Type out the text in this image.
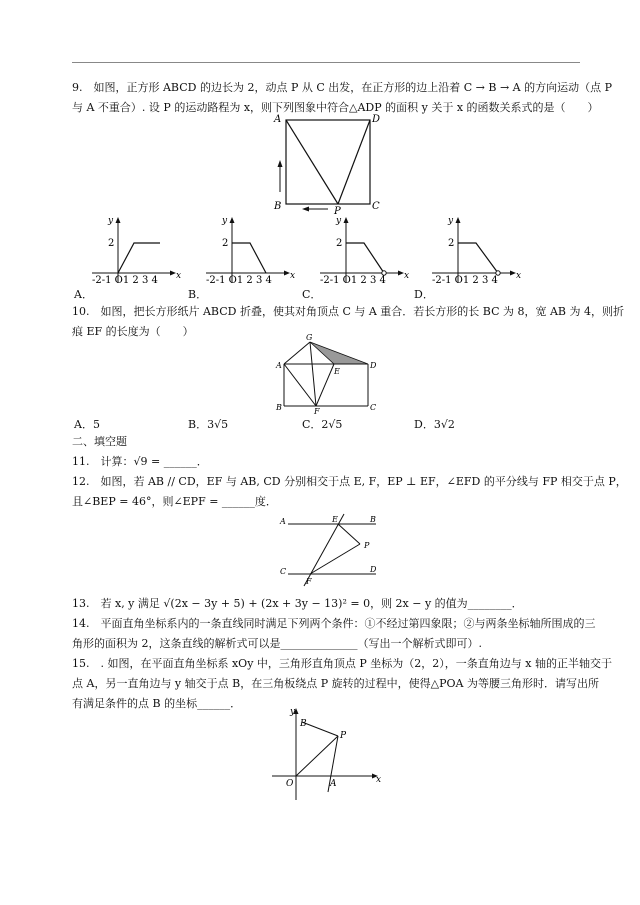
9.　如图，正方形 ABCD 的边长为 2，动点 P 从 C 出发，在正方形的边上沿着 C → B → A 的方向运动（点 P
与 A 不重合）. 设 P 的运动路程为 x，则下列图象中符合△ADP 的面积 y 关于 x 的函数关系式的是（　　）
A	D
B	C
P
y
x
2
-2-1 O1 2 3 4
y
x
2
-2-1 O1 2 3 4
y
x
2
-2-1 O1 2 3 4
y
x
2
-2-1 O1 2 3 4
A．	B．	C．	D．
10.　如图，把长方形纸片 ABCD 折叠，使其对角顶点 C 与 A 重合．若长方形的长 BC 为 8，宽 AB 为 4，则折
痕 EF 的长度为（　　）	G
A
E
D
B	F	C
A．5	B．3√5	C．2√5	D．3√2
二、填空题
11.　计算：√9 = ______．
12.　如图，若 AB // CD，EF 与 AB, CD 分别相交于点 E, F，EP ⊥ EF，∠EFD 的平分线与 FP 相交于点 P，
且∠BEP = 46°，则∠EPF = ______度．
A	E	B
P
C
F
D
13.　若 x, y 满足 √(2x − 3y + 5) + (2x + 3y − 13)² = 0，则 2x − y 的值为________．
14.　平面直角坐标系内的一条直线同时满足下列两个条件：①不经过第四象限；②与两条坐标轴所围成的三
角形的面积为 2，这条直线的解析式可以是______________（写出一个解析式即可）.
15.　. 如图，在平面直角坐标系 xOy 中，三角形直角顶点 P 坐标为（2，2），一条直角边与 x 轴的正半轴交于
点 A，另一直角边与 y 轴交于点 B，在三角板绕点 P 旋转的过程中，使得△POA 为等腰三角形时．请写出所
有满足条件的点 B 的坐标______．
y
B
P
O	A	x
